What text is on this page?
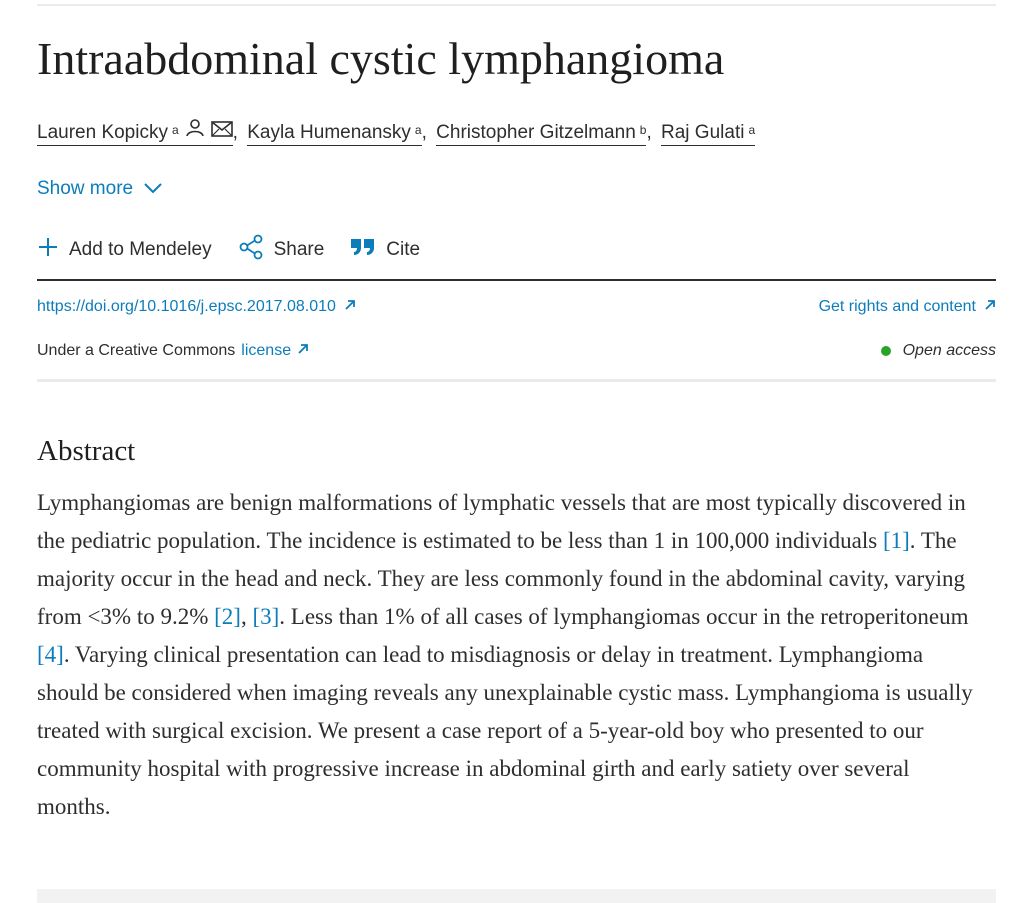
Intraabdominal cystic lymphangioma
Lauren Kopicky $^a$	, Kayla Humenansky $^a$, Christopher Gitzelmann $^b$, Raj Gulati $^a$
Show more
Add to Mendeley	Share	Cite
https://doi.org/10.1016/j.epsc.2017.08.010	Get rights and content
Under a Creative Commons license	Open access
Abstract

Lymphangiomas are benign malformations of lymphatic vessels that are most typically discovered in the pediatric population. The incidence is estimated to be less than 1 in 100,000 individuals [1]. The majority occur in the head and neck. They are less commonly found in the abdominal cavity, varying from <3% to 9.2% [2], [3]. Less than 1% of all cases of lymphangiomas occur in the retroperitoneum [4]. Varying clinical presentation can lead to misdiagnosis or delay in treatment. Lymphangioma should be considered when imaging reveals any unexplainable cystic mass. Lymphangioma is usually treated with surgical excision. We present a case report of a 5-year-old boy who presented to our community hospital with progressive increase in abdominal girth and early satiety over several months.
